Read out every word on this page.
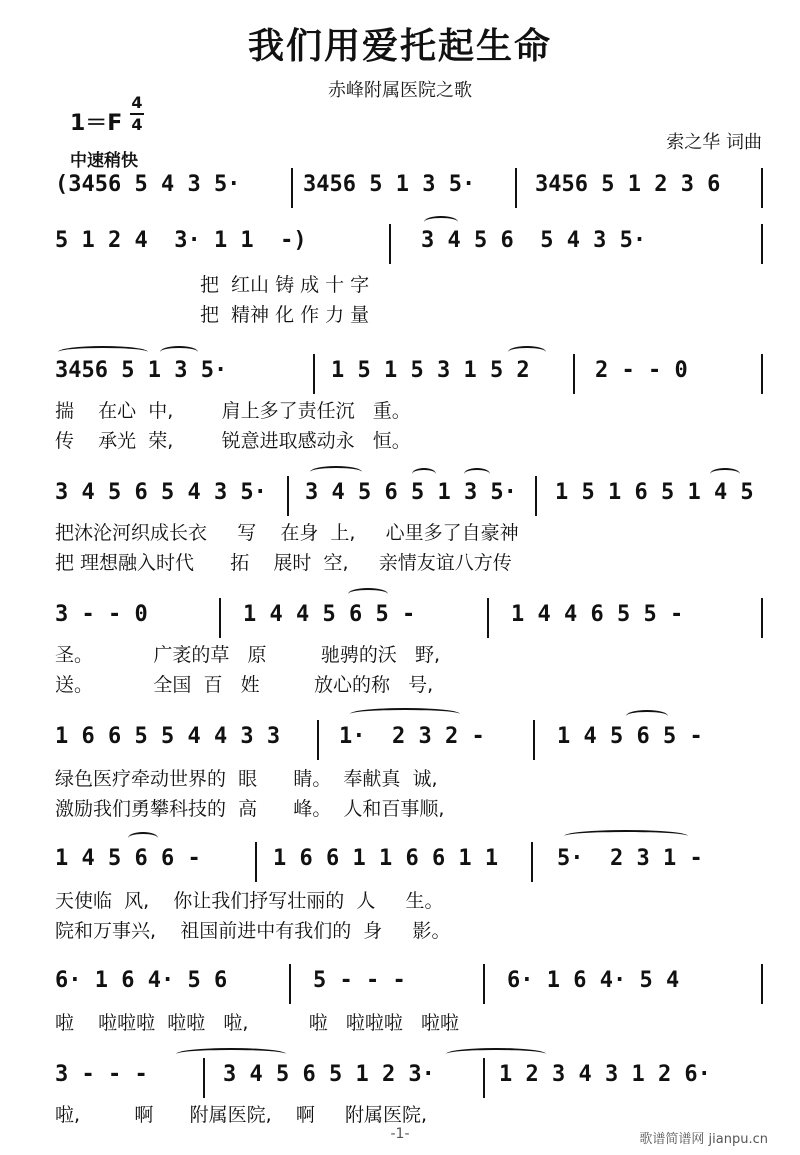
我们用爱托起生命
赤峰附属医院之歌
1＝F
4
4
索之华 词曲
中速稍快
(3456 5 4 3 5·	3456 5 1 3 5·	3456 5 1 2 3 6
5 1 2 4  3· 1 1  -)	3 4 5 6  5 4 3 5·
把  红山 铸 成 十 字
把  精神 化 作 力 量
3456 5 1 3 5·	1 5 1 5 3 1 5 2	2 - - 0
揣    在心  中,        肩上多了责任沉   重。
传    承光  荣,        锐意进取感动永   恒。
3 4 5 6 5 4 3 5· 3 4 5 6 5 1 3 5· 1 5 1 6 5 1 4 5
把沐沦河织成长衣     写    在身  上,     心里多了自豪神
把 理想融入时代      拓    展时  空,     亲情友谊八方传
3 - - 0	1 4 4 5 6 5 -	1 4 4 6 5 5 -
圣。          广袤的草   原         驰骋的沃   野,
送。          全国  百   姓         放心的称   号,
1 6 6 5 5 4 4 3 3	1·  2 3 2 -	1 4 5 6 5 -
绿色医疗牵动世界的  眼      睛。  奉献真  诚,
激励我们勇攀科技的  高      峰。  人和百事顺,
1 4 5 6 6 -	1 6 6 1 1 6 6 1 1	5·  2 3 1 -
天使临  风,    你让我们抒写壮丽的  人     生。
院和万事兴,    祖国前进中有我们的  身     影。
6· 1 6 4· 5 6	5 - - -	6· 1 6 4· 5 4
啦    啦啦啦  啦啦   啦,          啦   啦啦啦   啦啦
3 - - -	3 4 5 6 5 1 2 3·	1 2 3 4 3 1 2 6·
啦,         啊      附属医院,    啊     附属医院,
-1-	歌谱简谱网 jianpu.cn
